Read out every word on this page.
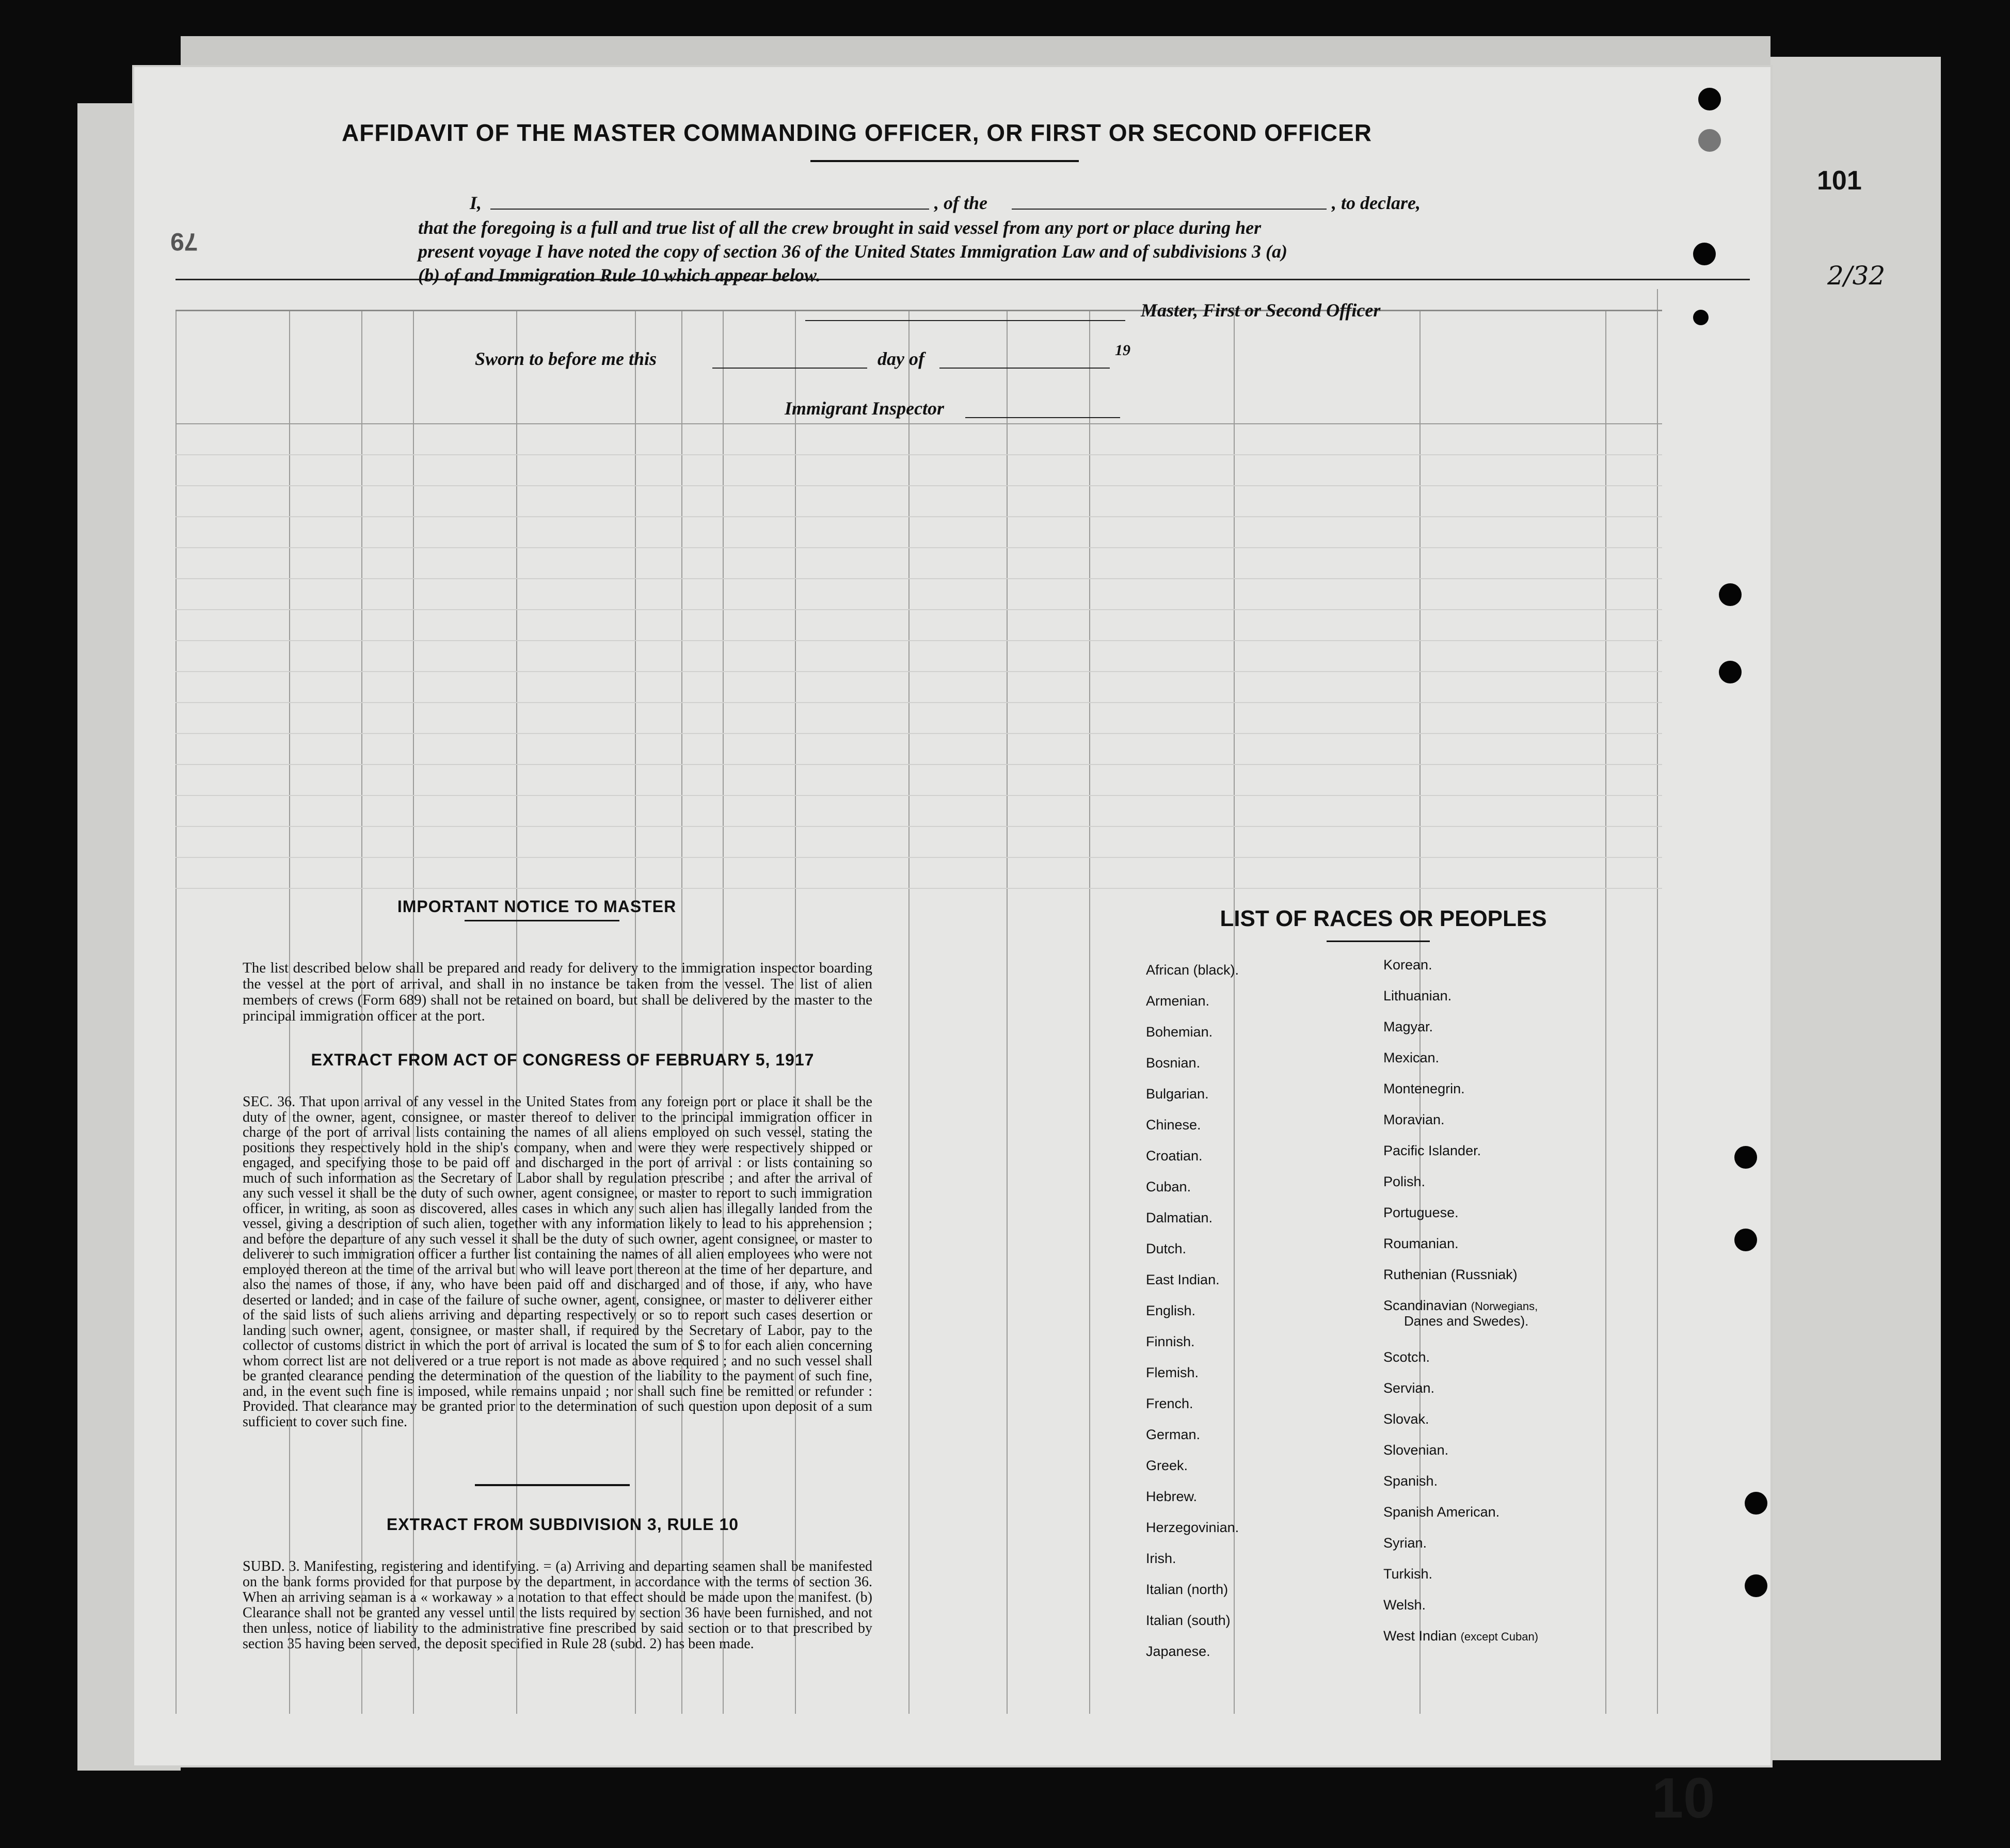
AFFIDAVIT OF THE MASTER COMMANDING OFFICER, OR FIRST OR SECOND OFFICER
I,	, of the	, to declare,
that the foregoing is a full and true list of all the crew brought in said vessel from any port or place during her
present voyage I have noted the copy of section 36 of the United States Immigration Law and of subdivisions 3 (a)
(b) of and Immigration Rule 10 which appear below.
Master, First or Second Officer
Sworn to before me this	day of	19
Immigrant Inspector
101
2/32
79
10
IMPORTANT NOTICE TO MASTER
The list described below shall be prepared and ready for delivery to the immigration inspector boarding the vessel at the port of arrival, and shall in no instance be taken from the vessel. The list of alien members of crews (Form 689) shall not be retained on board, but shall be delivered by the master to the principal immigration officer at the port.
EXTRACT FROM ACT OF CONGRESS OF FEBRUARY 5, 1917
SEC. 36. That upon arrival of any vessel in the United States from any foreign port or place it shall be the duty of the owner, agent, consignee, or master thereof to deliver to the principal immigration officer in charge of the port of arrival lists containing the names of all aliens employed on such vessel, stating the positions they respectively hold in the ship's company, when and were they were respectively shipped or engaged, and specifying those to be paid off and discharged in the port of arrival : or lists containing so much of such information as the Secretary of Labor shall by regulation prescribe ; and after the arrival of any such vessel it shall be the duty of such owner, agent consignee, or master to report to such immigration officer, in writing, as soon as discovered, alles cases in which any such alien has illegally landed from the vessel, giving a description of such alien, together with any information likely to lead to his apprehension ; and before the departure of any such vessel it shall be the duty of such owner, agent consignee, or master to deliverer to such immigration officer a further list containing the names of all alien employees who were not employed thereon at the time of the arrival but who will leave port thereon at the time of her departure, and also the names of those, if any, who have been paid off and discharged and of those, if any, who have deserted or landed; and in case of the failure of suche owner, agent, consignee, or master to deliverer either of the said lists of such aliens arriving and departing respectively or so to report such cases desertion or landing such owner, agent, consignee, or master shall, if required by the Secretary of Labor, pay to the collector of customs district in which the port of arrival is located the sum of $ to for each alien concerning whom correct list are not delivered or a true report is not made as above required ; and no such vessel shall be granted clearance pending the determination of the question of the liability to the payment of such fine, and, in the event such fine is imposed, while remains unpaid ; nor shall such fine be remitted or refunder : Provided. That clearance may be granted prior to the determination of such question upon deposit of a sum sufficient to cover such fine.
EXTRACT FROM SUBDIVISION 3, RULE 10
SUBD. 3. Manifesting, registering and identifying. = (a) Arriving and departing seamen shall be manifested on the bank forms provided for that purpose by the department, in accordance with the terms of section 36. When an arriving seaman is a « workaway » a notation to that effect should be made upon the manifest. (b) Clearance shall not be granted any vessel until the lists required by section 36 have been furnished, and not then unless, notice of liability to the administrative fine prescribed by said section or to that prescribed by section 35 having been served, the deposit specified in Rule 28 (subd. 2) has been made.
LIST OF RACES OR PEOPLES
African (black).
Armenian.
Bohemian.
Bosnian.
Bulgarian.
Chinese.
Croatian.
Cuban.
Dalmatian.
Dutch.
East Indian.
English.
Finnish.
Flemish.
French.
German.
Greek.
Hebrew.
Herzegovinian.
Irish.
Italian (north)
Italian (south)
Japanese.
Korean.
Lithuanian.
Magyar.
Mexican.
Montenegrin.
Moravian.
Pacific Islander.
Polish.
Portuguese.
Roumanian.
Ruthenian (Russniak)
Scandinavian (Norwegians,
Danes and Swedes).
Scotch.
Servian.
Slovak.
Slovenian.
Spanish.
Spanish American.
Syrian.
Turkish.
Welsh.
West Indian (except Cuban)
